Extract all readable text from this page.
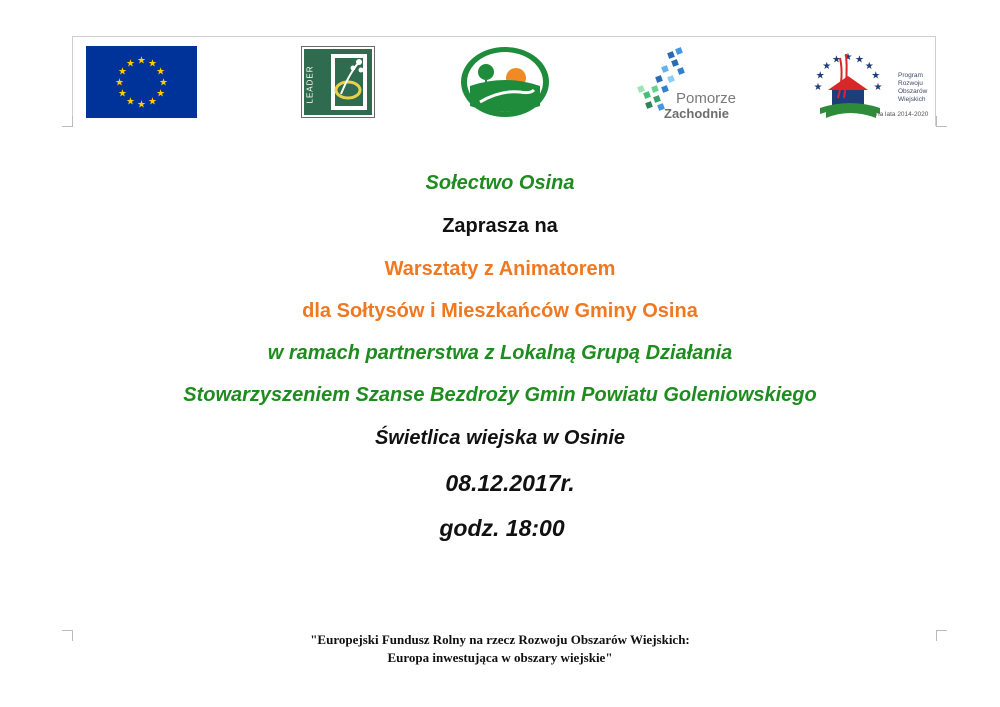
★ ★
★
★
★
★
★
★
★
★
★
★
LEADER	Pomorze
Zachodnie
★
★
★
★ ★ ★
★
★
★
Program
Rozwoju
Obszarów
Wiejskich
na lata 2014-2020
Sołectwo Osina
Zaprasza na
Warsztaty z Animatorem
dla Sołtysów i Mieszkańców Gminy Osina
w ramach partnerstwa z Lokalną Grupą Działania
Stowarzyszeniem Szanse Bezdroży Gmin Powiatu Goleniowskiego
Świetlica wiejska w Osinie
08.12.2017r.
godz. 18:00
"Europejski Fundusz Rolny na rzecz Rozwoju Obszarów Wiejskich:
Europa inwestująca w obszary wiejskie"
